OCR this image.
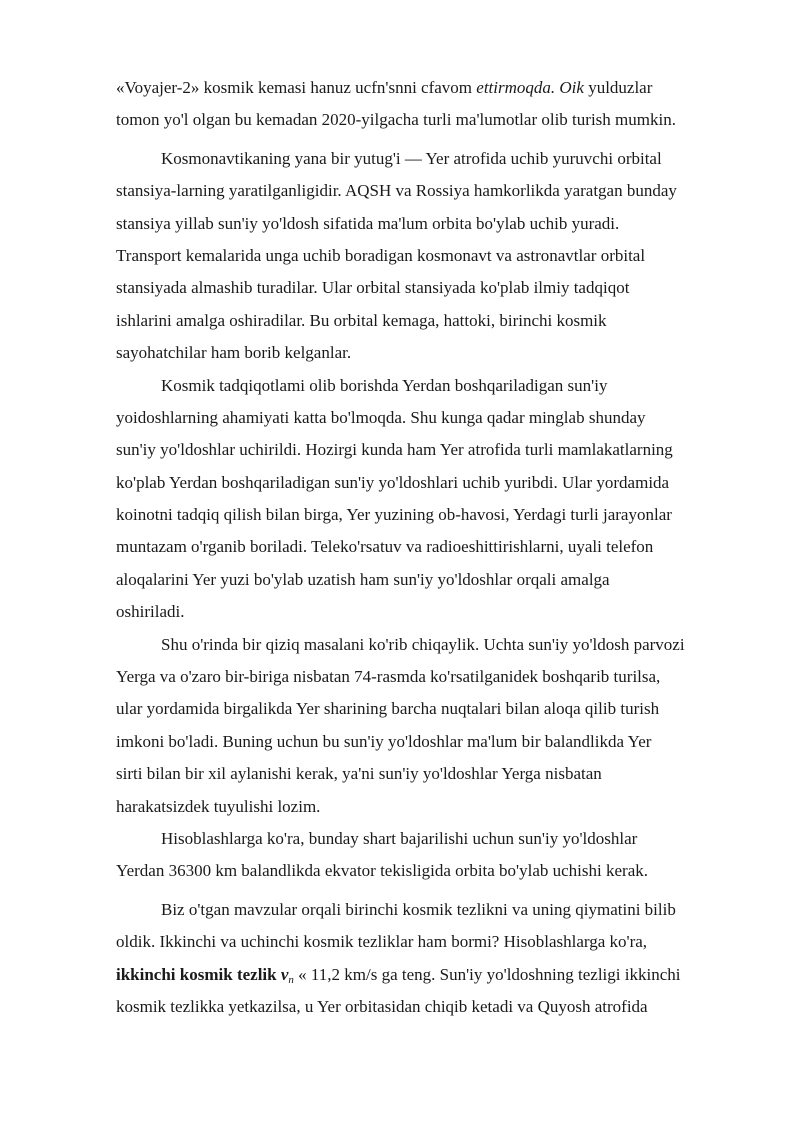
«Voyajer-2» kosmik kemasi hanuz ucfn'snni cfavom ettirmoqda. Oik yulduzlar
tomon yo'l olgan bu kemadan 2020-yilgacha turli ma'lumotlar olib turish mumkin.
Kosmonavtikaning yana bir yutug'i — Yer atrofida uchib yuruvchi orbital
stansiya-larning yaratilganligidir. AQSH va Rossiya hamkorlikda yaratgan bunday
stansiya yillab sun'iy yo'ldosh sifatida ma'lum orbita bo'ylab uchib yuradi.
Transport kemalarida unga uchib boradigan kosmonavt va astronavtlar orbital
stansiyada almashib turadilar. Ular orbital stansiyada ko'plab ilmiy tadqiqot
ishlarini amalga oshiradilar. Bu orbital kemaga, hattoki, birinchi kosmik
sayohatchilar ham borib kelganlar.
Kosmik tadqiqotlami olib borishda Yerdan boshqariladigan sun'iy
yoidoshlarning ahamiyati katta bo'lmoqda. Shu kunga qadar minglab shunday
sun'iy yo'ldoshlar uchirildi. Hozirgi kunda ham Yer atrofida turli mamlakatlarning
ko'plab Yerdan boshqariladigan sun'iy yo'ldoshlari uchib yuribdi. Ular yordamida
koinotni tadqiq qilish bilan birga, Yer yuzining ob-havosi, Yerdagi turli jarayonlar
muntazam o'rganib boriladi. Teleko'rsatuv va radioeshittirishlarni, uyali telefon
aloqalarini Yer yuzi bo'ylab uzatish ham sun'iy yo'ldoshlar orqali amalga
oshiriladi.
Shu o'rinda bir qiziq masalani ko'rib chiqaylik. Uchta sun'iy yo'ldosh parvozi
Yerga va o'zaro bir-biriga nisbatan 74-rasmda ko'rsatilganidek boshqarib turilsa,
ular yordamida birgalikda Yer sharining barcha nuqtalari bilan aloqa qilib turish
imkoni bo'ladi. Buning uchun bu sun'iy yo'ldoshlar ma'lum bir balandlikda Yer
sirti bilan bir xil aylanishi kerak, ya'ni sun'iy yo'ldoshlar Yerga nisbatan
harakatsizdek tuyulishi lozim.
Hisoblashlarga ko'ra, bunday shart bajarilishi uchun sun'iy yo'ldoshlar
Yerdan 36300 km balandlikda ekvator tekisligida orbita bo'ylab uchishi kerak.
Biz o'tgan mavzular orqali birinchi kosmik tezlikni va uning qiymatini bilib
oldik. Ikkinchi va uchinchi kosmik tezliklar ham bormi? Hisoblashlarga ko'ra,
ikkinchi kosmik tezlik $v_n$ « 11,2 km/s ga teng. Sun'iy yo'ldoshning tezligi ikkinchi
kosmik tezlikka yetkazilsa, u Yer orbitasidan chiqib ketadi va Quyosh atrofida
